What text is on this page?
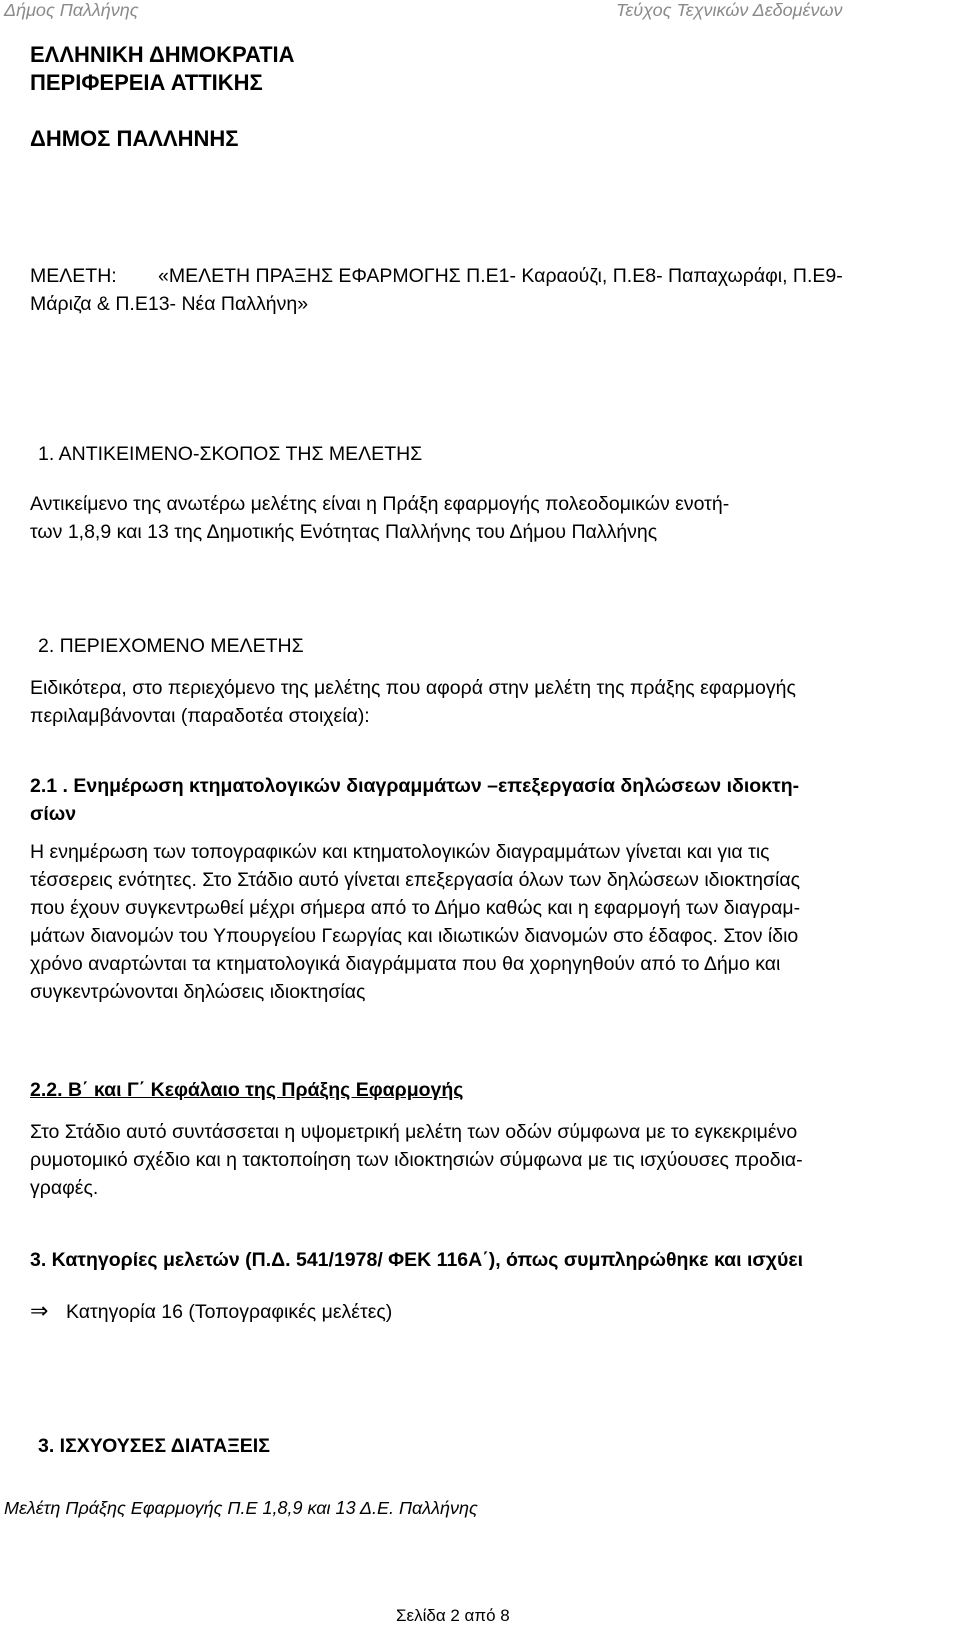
Δήμος Παλλήνης	Τεύχος Τεχνικών Δεδομένων
ΕΛΛΗΝΙΚΗ ΔΗΜΟΚΡΑΤΙΑ
ΠΕΡΙΦΕΡΕΙΑ ΑΤΤΙΚΗΣ
ΔΗΜΟΣ ΠΑΛΛΗΝΗΣ
ΜΕΛΕΤΗ: «ΜΕΛΕΤΗ ΠΡΑΞΗΣ ΕΦΑΡΜΟΓΗΣ Π.Ε1- Καραούζι, Π.Ε8- Παπαχωράφι, Π.Ε9-
Μάριζα & Π.Ε13- Νέα Παλλήνη»
1. ΑΝΤΙΚΕΙΜΕΝΟ-ΣΚΟΠΟΣ ΤΗΣ ΜΕΛΕΤΗΣ
Αντικείμενο της ανωτέρω μελέτης είναι η Πράξη εφαρμογής πολεοδομικών ενοτή-
των 1,8,9 και 13 της Δημοτικής Ενότητας Παλλήνης του Δήμου Παλλήνης
2. ΠΕΡΙΕΧΟΜΕΝΟ ΜΕΛΕΤΗΣ
Ειδικότερα, στο περιεχόμενο της μελέτης που αφορά στην μελέτη της πράξης εφαρμογής
περιλαμβάνονται (παραδοτέα στοιχεία):
2.1 . Ενημέρωση κτηματολογικών διαγραμμάτων –επεξεργασία δηλώσεων ιδιοκτη-
σίων
Η ενημέρωση των τοπογραφικών και κτηματολογικών διαγραμμάτων γίνεται και για τις
τέσσερεις ενότητες. Στο Στάδιο αυτό γίνεται επεξεργασία όλων των δηλώσεων ιδιοκτησίας
που έχουν συγκεντρωθεί μέχρι σήμερα από το Δήμο καθώς και η εφαρμογή των διαγραμ-
μάτων διανομών του Υπουργείου Γεωργίας και ιδιωτικών διανομών στο έδαφος. Στον ίδιο
χρόνο αναρτώνται τα κτηματολογικά διαγράμματα που θα χορηγηθούν από το Δήμο και
συγκεντρώνονται δηλώσεις ιδιοκτησίας
2.2. Β΄ και Γ΄ Κεφάλαιο της Πράξης Εφαρμογής
Στο Στάδιο αυτό συντάσσεται η υψομετρική μελέτη των οδών σύμφωνα με το εγκεκριμένο
ρυμοτομικό σχέδιο και η τακτοποίηση των ιδιοκτησιών σύμφωνα με τις ισχύουσες προδια-
γραφές.
3. Κατηγορίες μελετών (Π.Δ. 541/1978/ ΦΕΚ 116Α΄), όπως συμπληρώθηκε και ισχύει
⇒ Κατηγορία 16 (Τοπογραφικές μελέτες)
3. ΙΣΧΥΟΥΣΕΣ ΔΙΑΤΑΞΕΙΣ
Μελέτη Πράξης Εφαρμογής Π.Ε 1,8,9 και 13 Δ.Ε. Παλλήνης
Σελίδα 2 από 8
